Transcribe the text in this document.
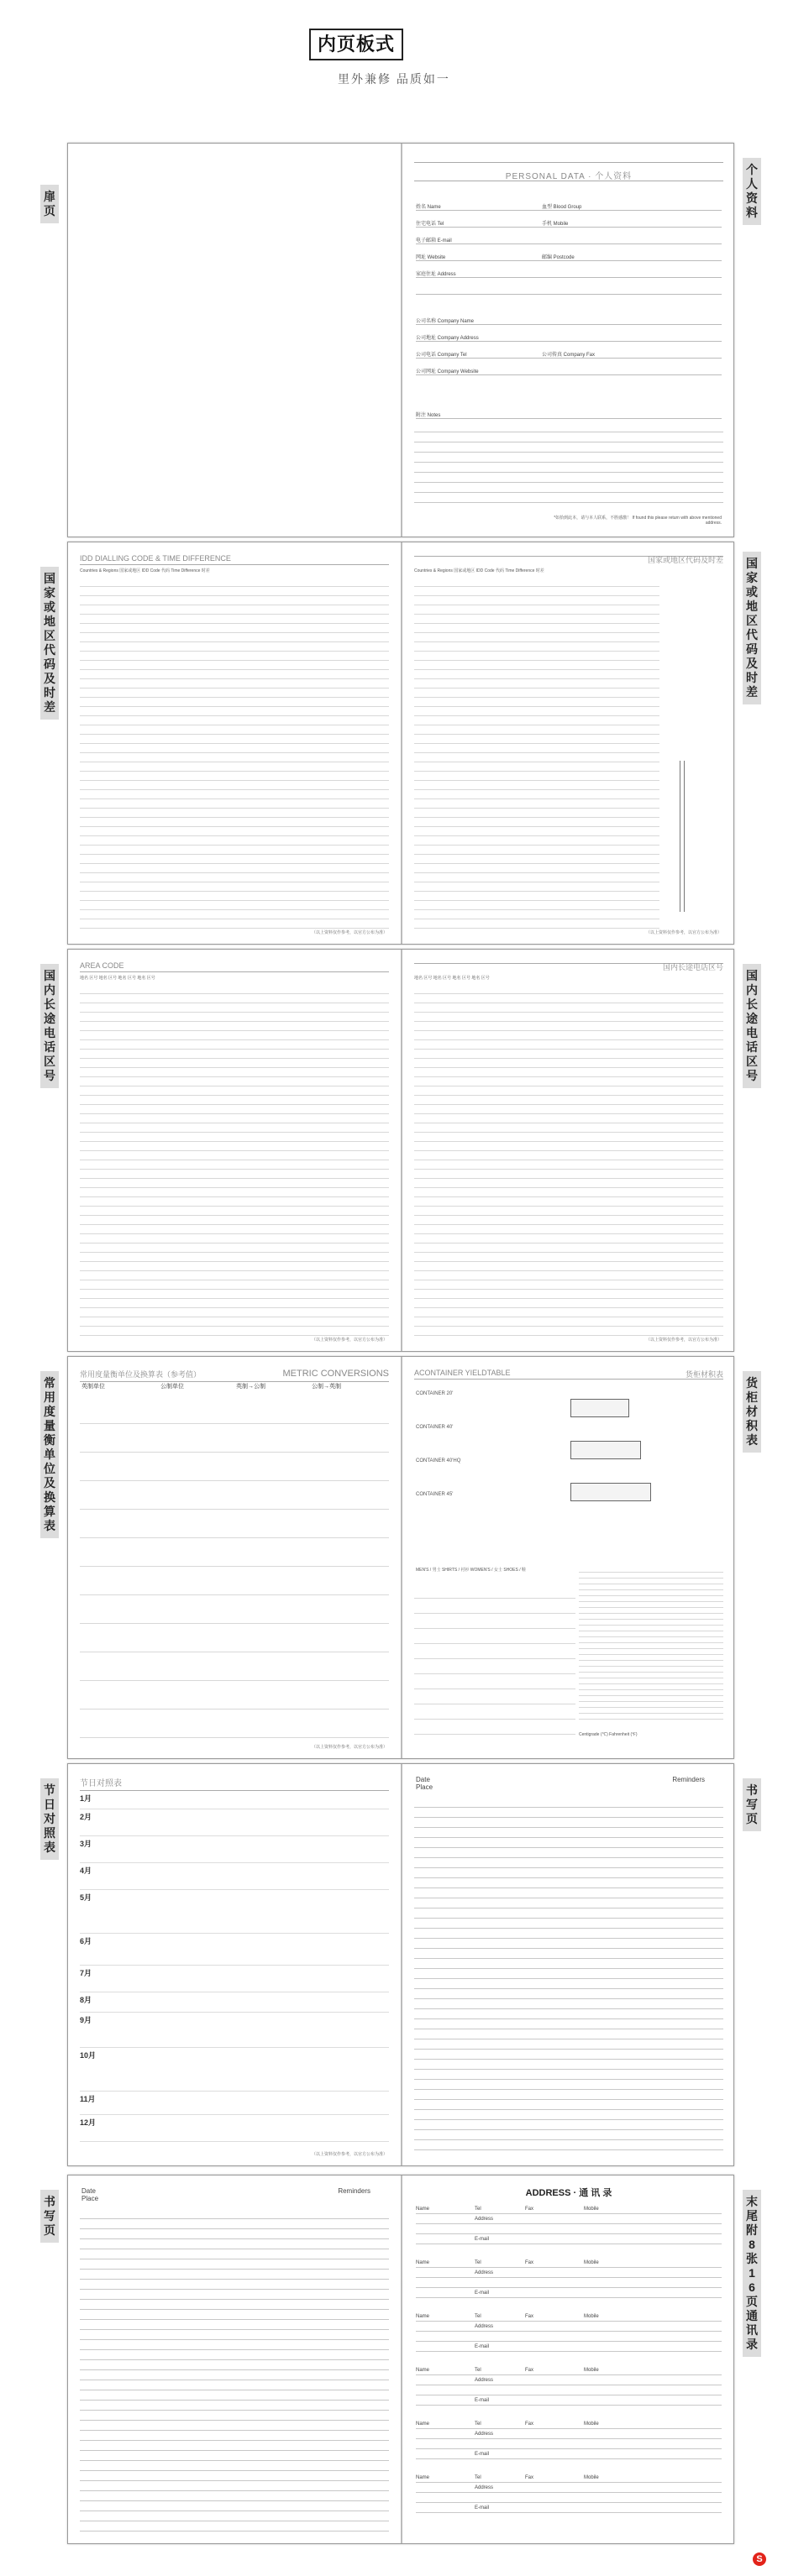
内页板式
里外兼修 品质如一
扉
页
个
人
资
料
PERSONAL DATA · 个人资料
姓名 Name	血型 Blood Group
住宅电话 Tel	手机 Mobile
电子邮箱 E-mail
网址 Website	邮编 Postcode
家庭住址 Address
公司名称 Company Name
公司地址 Company Address
公司电话 Company Tel	公司传真 Company Fax
公司网址 Company Website
附注 Notes
*如拾到此本，请与本人联系，不胜感激！ If found this please return with above mentioned address.
国
家
或
地
区
代
码
及
时
差
国
家
或
地
区
代
码
及
时
差
IDD DIALLING CODE & TIME DIFFERENCE
Countries & Regions 国家或地区 IDD Code 代码 Time Difference 时差
（以上资料仅作参考，以官方公布为准）
国家或地区代码及时差
Countries & Regions 国家或地区 IDD Code 代码 Time Difference 时差
（以上资料仅作参考，以官方公布为准）
国
内
长
途
电
话
区
号
国
内
长
途
电
话
区
号
AREA CODE
地名 区号 地名 区号 地名 区号 地名 区号
（以上资料仅作参考，以官方公布为准）
国内长途电话区号
地名 区号 地名 区号 地名 区号 地名 区号
（以上资料仅作参考，以官方公布为准）
常
用
度
量
衡
单
位
及
换
算
表
货
柜
材
积
表
常用度量衡单位及换算表（参考值）	METRIC CONVERSIONS
英制单位	公制单位	英制→公制	公制→英制
（以上资料仅作参考，以官方公布为准）
ACONTAINER YIELDTABLE	货柜材积表
CONTAINER 20'
CONTAINER 40'
CONTAINER 40'HQ
CONTAINER 45'
MEN'S / 男士 SHIRTS / 衬衫 WOMEN'S / 女士 SHOES / 鞋
Centigrade (℃) Fahrenheit (℉)
节
日
对
照
表
书
写
页
节日对照表
1月
2月
3月
4月
5月
6月
7月
8月
9月
10月
11月
12月
（以上资料仅作参考，以官方公布为准）
Date
Place
Reminders
书
写
页
末
尾
附
8
张
1
6
页
通
讯
录
Date
Place
Reminders	ADDRESS · 通 讯 录
Name	Tel	Fax	Mobile
Address
E-mail
Name	Tel	Fax	Mobile
Address
E-mail
Name	Tel	Fax	Mobile
Address
E-mail
Name	Tel	Fax	Mobile
Address
E-mail
Name	Tel	Fax	Mobile
Address
E-mail
Name	Tel	Fax	Mobile
Address
E-mail
S
